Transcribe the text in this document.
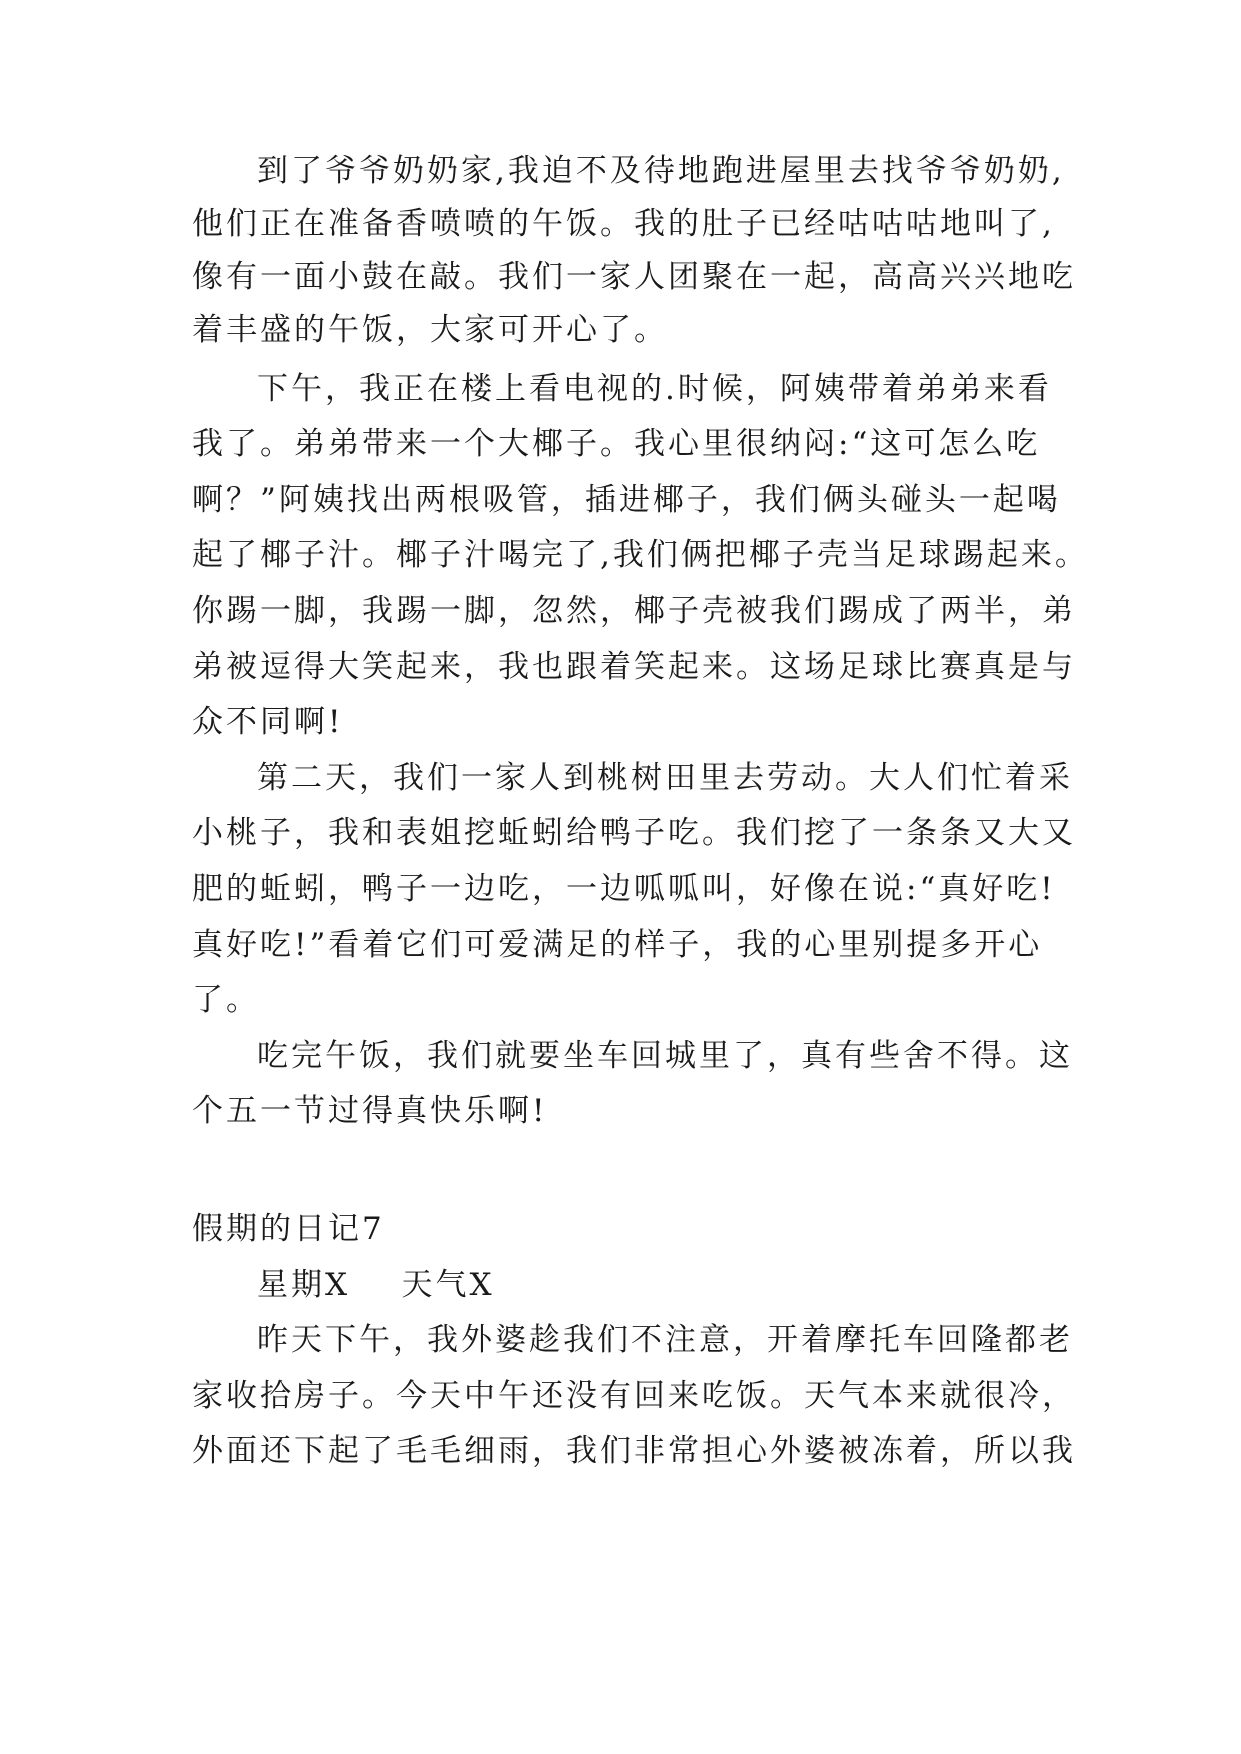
到了爷爷奶奶家,我迫不及待地跑进屋里去找爷爷奶奶,
他们正在准备香喷喷的午饭。我的肚子已经咕咕咕地叫了,
像有一面小鼓在敲。我们一家人团聚在一起，高高兴兴地吃
着丰盛的午饭，大家可开心了。
下午，我正在楼上看电视的.时候，阿姨带着弟弟来看
我了。弟弟带来一个大椰子。我心里很纳闷:“这可怎么吃
啊？”阿姨找出两根吸管，插进椰子，我们俩头碰头一起喝
起了椰子汁。椰子汁喝完了,我们俩把椰子壳当足球踢起来。
你踢一脚，我踢一脚，忽然，椰子壳被我们踢成了两半，弟
弟被逗得大笑起来，我也跟着笑起来。这场足球比赛真是与
众不同啊!
第二天，我们一家人到桃树田里去劳动。大人们忙着采
小桃子，我和表姐挖蚯蚓给鸭子吃。我们挖了一条条又大又
肥的蚯蚓，鸭子一边吃，一边呱呱叫，好像在说:“真好吃!
真好吃!”看着它们可爱满足的样子，我的心里别提多开心
了。
吃完午饭，我们就要坐车回城里了，真有些舍不得。这
个五一节过得真快乐啊!
假期的日记7
星期X    天气X
昨天下午，我外婆趁我们不注意，开着摩托车回隆都老
家收拾房子。今天中午还没有回来吃饭。天气本来就很冷，
外面还下起了毛毛细雨，我们非常担心外婆被冻着，所以我
